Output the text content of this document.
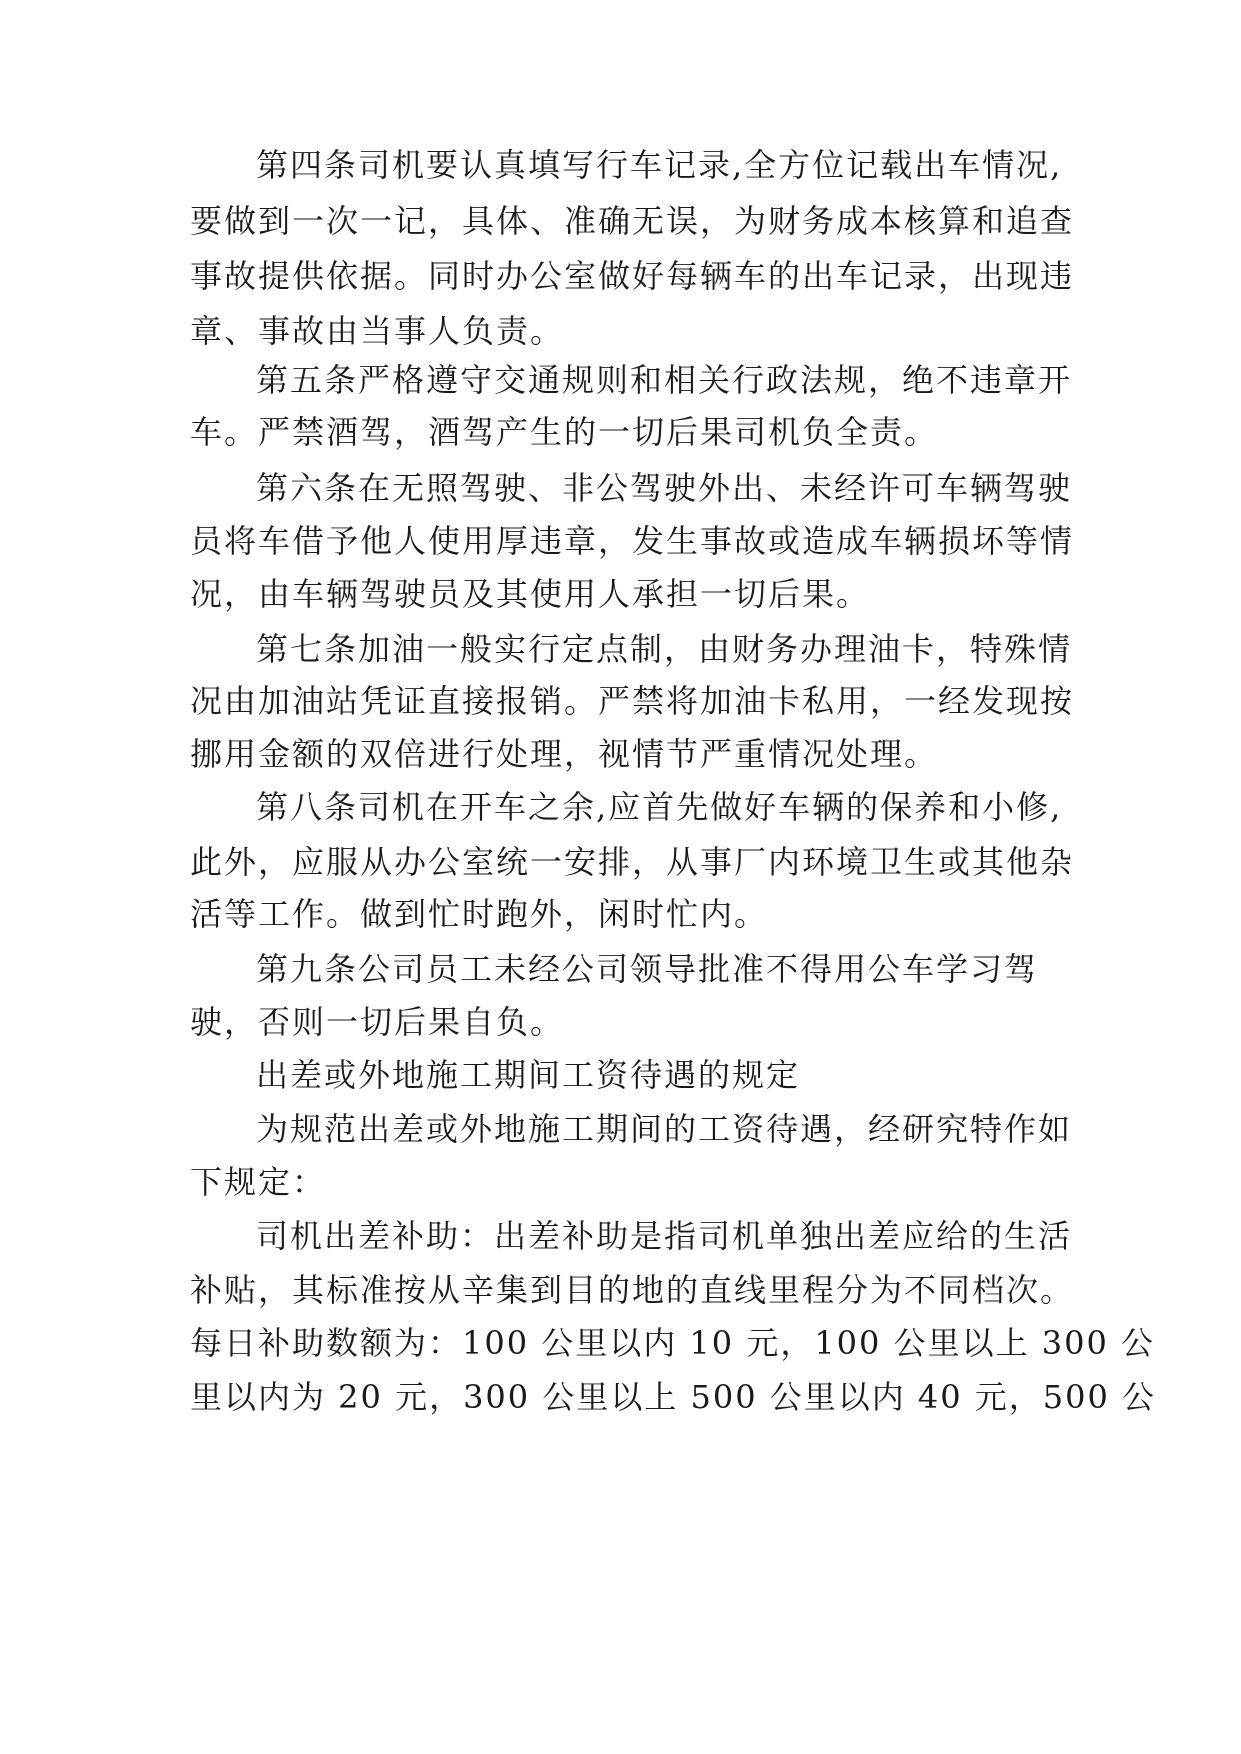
第四条司机要认真填写行车记录,全方位记载出车情况,
要做到一次一记，具体、准确无误，为财务成本核算和追查
事故提供依据。同时办公室做好每辆车的出车记录，出现违
章、事故由当事人负责。
第五条严格遵守交通规则和相关行政法规，绝不违章开
车。严禁酒驾，酒驾产生的一切后果司机负全责。
第六条在无照驾驶、非公驾驶外出、未经许可车辆驾驶
员将车借予他人使用厚违章，发生事故或造成车辆损坏等情
况，由车辆驾驶员及其使用人承担一切后果。
第七条加油一般实行定点制，由财务办理油卡，特殊情
况由加油站凭证直接报销。严禁将加油卡私用，一经发现按
挪用金额的双倍进行处理，视情节严重情况处理。
第八条司机在开车之余,应首先做好车辆的保养和小修,
此外，应服从办公室统一安排，从事厂内环境卫生或其他杂
活等工作。做到忙时跑外，闲时忙内。
第九条公司员工未经公司领导批准不得用公车学习驾
驶，否则一切后果自负。
出差或外地施工期间工资待遇的规定
为规范出差或外地施工期间的工资待遇，经研究特作如
下规定：
司机出差补助：出差补助是指司机单独出差应给的生活
补贴，其标准按从辛集到目的地的直线里程分为不同档次。
每日补助数额为：100 公里以内 10 元，100 公里以上 300 公
里以内为 20 元，300 公里以上 500 公里以内 40 元，500 公
